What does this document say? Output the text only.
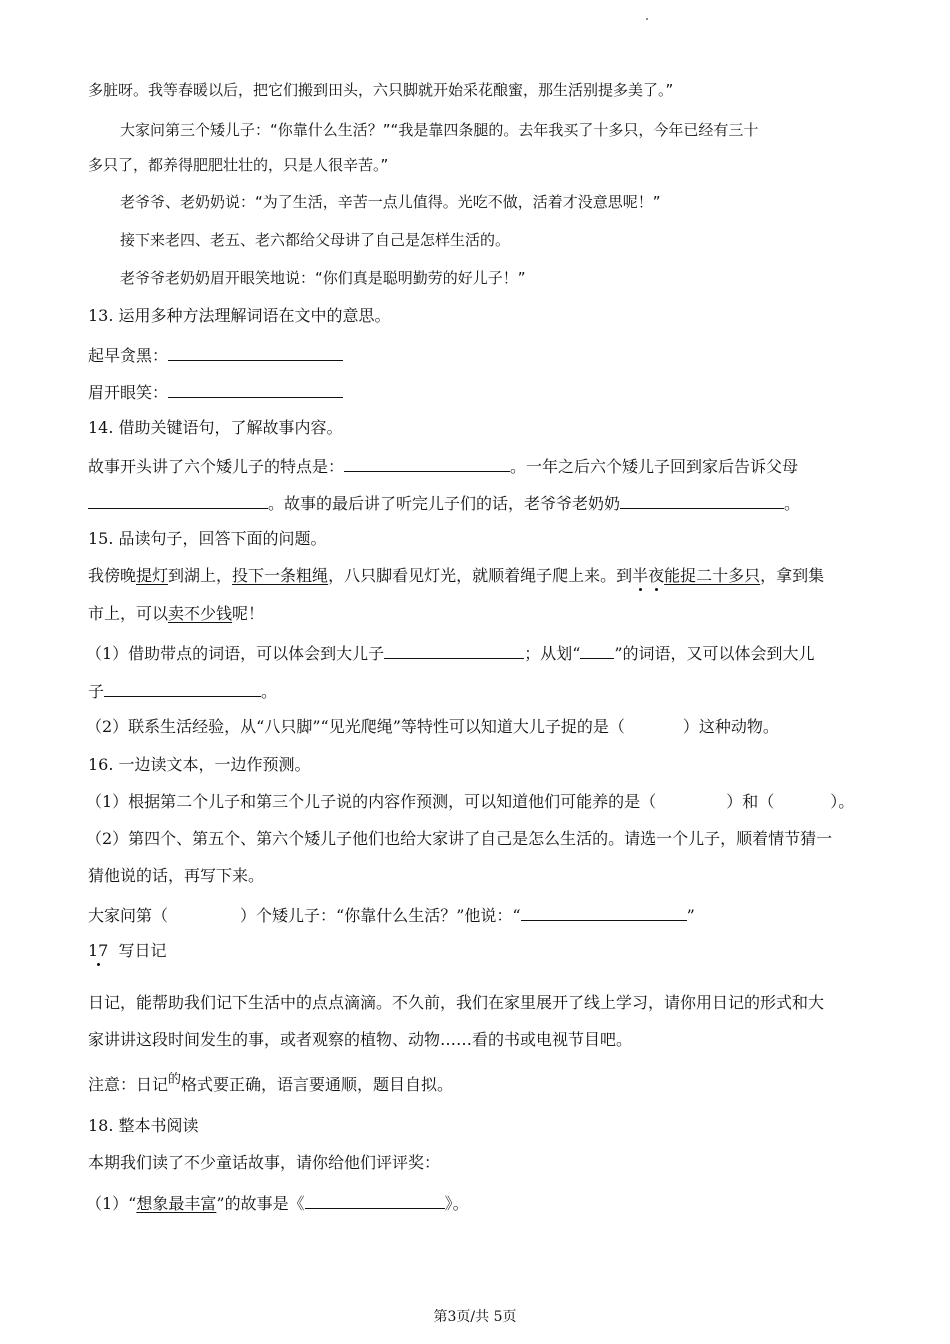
多脏呀。我等春暖以后，把它们搬到田头，六只脚就开始采花酿蜜，那生活别提多美了。”
大家问第三个矮儿子：“你靠什么生活？”“我是靠四条腿的。去年我买了十多只，今年已经有三十
多只了，都养得肥肥壮壮的，只是人很辛苦。”
老爷爷、老奶奶说：“为了生活，辛苦一点儿值得。光吃不做，活着才没意思呢！”
接下来老四、老五、老六都给父母讲了自己是怎样生活的。
老爷爷老奶奶眉开眼笑地说：“你们真是聪明勤劳的好儿子！”
13. 运用多种方法理解词语在文中的意思。
起早贪黑：
眉开眼笑：
14. 借助关键语句，了解故事内容。
故事开头讲了六个矮儿子的特点是：	。一年之后六个矮儿子回到家后告诉父母
。故事的最后讲了听完儿子们的话，老爷爷老奶奶	。
15. 品读句子，回答下面的问题。
我傍晚提灯到湖上，投下一条粗绳，八只脚看见灯光，就顺着绳子爬上来。到半夜能捉二十多只，拿到集
市上，可以卖不少钱呢！
（1）借助带点的词语，可以体会到大儿子	；从划“ ”的词语，又可以体会到大儿
子	。
（2）联系生活经验，从“八只脚”“见光爬绳”等特性可以知道大儿子捉的是（	）这种动物。
16. 一边读文本，一边作预测。
（1）根据第二个儿子和第三个儿子说的内容作预测，可以知道他们可能养的是（	）和（	）。
（2）第四个、第五个、第六个矮儿子他们也给大家讲了自己是怎么生活的。请选一个儿子，顺着情节猜一
猜他说的话，再写下来。
大家问第（	）个矮儿子：“你靠什么生活？”他说：“	”
17 写日记
日记，能帮助我们记下生活中的点点滴滴。不久前，我们在家里展开了线上学习，请你用日记的形式和大
家讲讲这段时间发生的事，或者观察的植物、动物……看的书或电视节目吧。
注意：日记$^的$格式要正确，语言要通顺，题目自拟。
18. 整本书阅读
本期我们读了不少童话故事，请你给他们评评奖：
（1）“想象最丰富”的故事是《	》。
第3页/共 5页
